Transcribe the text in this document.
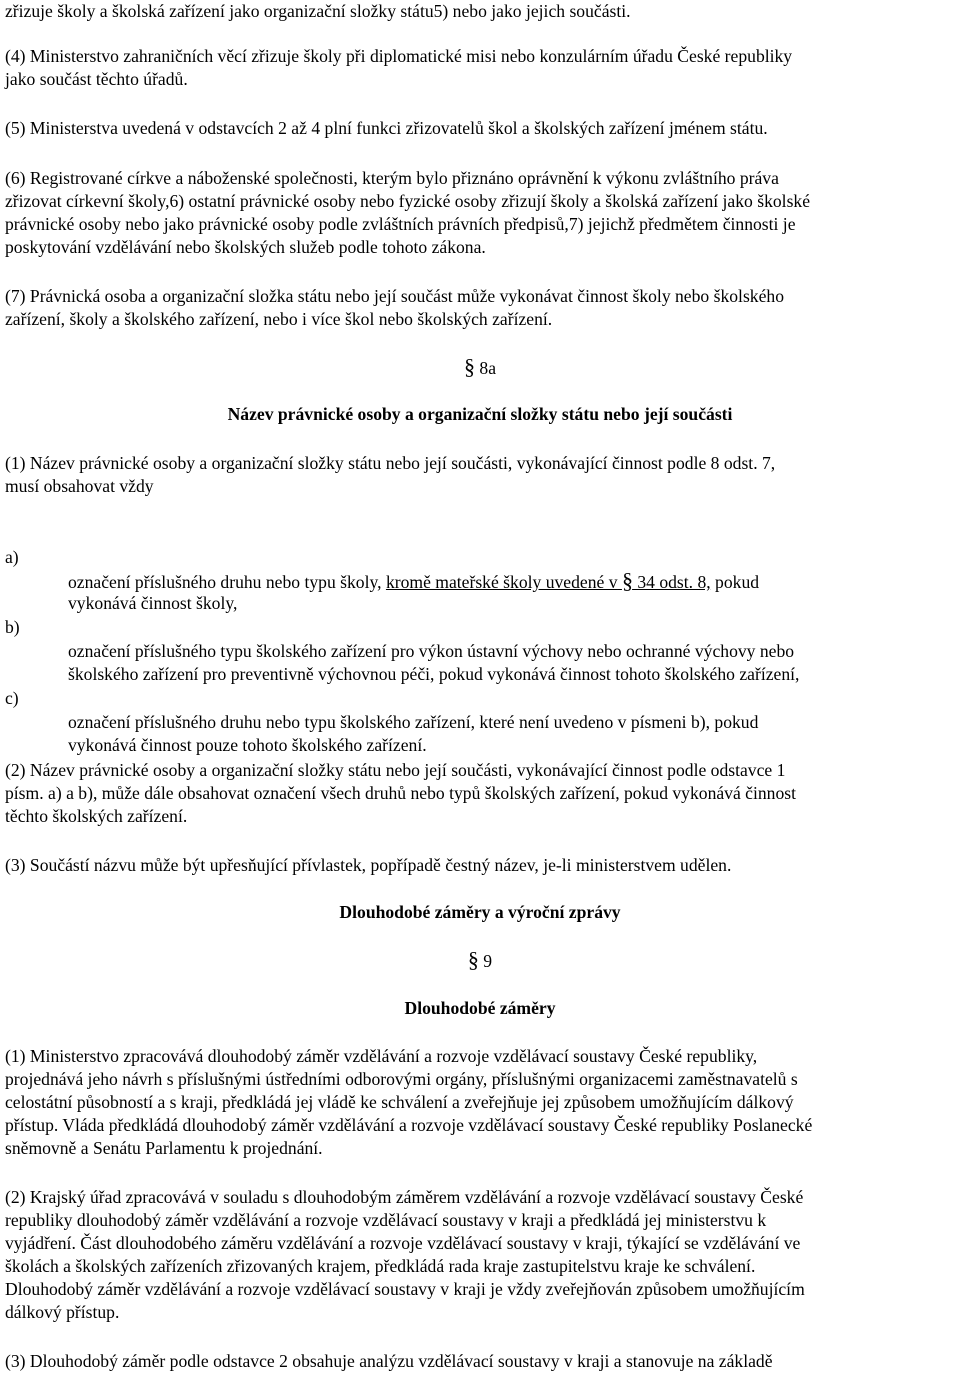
zřizuje školy a školská zařízení jako organizační složky státu5) nebo jako jejich součásti.
(4) Ministerstvo zahraničních věcí zřizuje školy při diplomatické misi nebo konzulárním úřadu České republiky
jako součást těchto úřadů.
(5) Ministerstva uvedená v odstavcích 2 až 4 plní funkci zřizovatelů škol a školských zařízení jménem státu.
(6) Registrované církve a náboženské společnosti, kterým bylo přiznáno oprávnění k výkonu zvláštního práva
zřizovat církevní školy,6) ostatní právnické osoby nebo fyzické osoby zřizují školy a školská zařízení jako školské
právnické osoby nebo jako právnické osoby podle zvláštních právních předpisů,7) jejichž předmětem činnosti je
poskytování vzdělávání nebo školských služeb podle tohoto zákona.
(7) Právnická osoba a organizační složka státu nebo její součást může vykonávat činnost školy nebo školského
zařízení, školy a školského zařízení, nebo i více škol nebo školských zařízení.
§ 8a
Název právnické osoby a organizační složky státu nebo její součásti
(1) Název právnické osoby a organizační složky státu nebo její součásti, vykonávající činnost podle 8 odst. 7,
musí obsahovat vždy
a)
označení příslušného druhu nebo typu školy, kromě mateřské školy uvedené v § 34 odst. 8, pokud
vykonává činnost školy,
b)
označení příslušného typu školského zařízení pro výkon ústavní výchovy nebo ochranné výchovy nebo
školského zařízení pro preventivně výchovnou péči, pokud vykonává činnost tohoto školského zařízení,
c)
označení příslušného druhu nebo typu školského zařízení, které není uvedeno v písmeni b), pokud
vykonává činnost pouze tohoto školského zařízení.
(2) Název právnické osoby a organizační složky státu nebo její součásti, vykonávající činnost podle odstavce 1
písm. a) a b), může dále obsahovat označení všech druhů nebo typů školských zařízení, pokud vykonává činnost
těchto školských zařízení.
(3) Součástí názvu může být upřesňující přívlastek, popřípadě čestný název, je-li ministerstvem udělen.
Dlouhodobé záměry a výroční zprávy
§ 9
Dlouhodobé záměry
(1) Ministerstvo zpracovává dlouhodobý záměr vzdělávání a rozvoje vzdělávací soustavy České republiky,
projednává jeho návrh s příslušnými ústředními odborovými orgány, příslušnými organizacemi zaměstnavatelů s
celostátní působností a s kraji, předkládá jej vládě ke schválení a zveřejňuje jej způsobem umožňujícím dálkový
přístup. Vláda předkládá dlouhodobý záměr vzdělávání a rozvoje vzdělávací soustavy České republiky Poslanecké
sněmovně a Senátu Parlamentu k projednání.
(2) Krajský úřad zpracovává v souladu s dlouhodobým záměrem vzdělávání a rozvoje vzdělávací soustavy České
republiky dlouhodobý záměr vzdělávání a rozvoje vzdělávací soustavy v kraji a předkládá jej ministerstvu k
vyjádření. Část dlouhodobého záměru vzdělávání a rozvoje vzdělávací soustavy v kraji, týkající se vzdělávání ve
školách a školských zařízeních zřizovaných krajem, předkládá rada kraje zastupitelstvu kraje ke schválení.
Dlouhodobý záměr vzdělávání a rozvoje vzdělávací soustavy v kraji je vždy zveřejňován způsobem umožňujícím
dálkový přístup.
(3) Dlouhodobý záměr podle odstavce 2 obsahuje analýzu vzdělávací soustavy v kraji a stanovuje na základě
